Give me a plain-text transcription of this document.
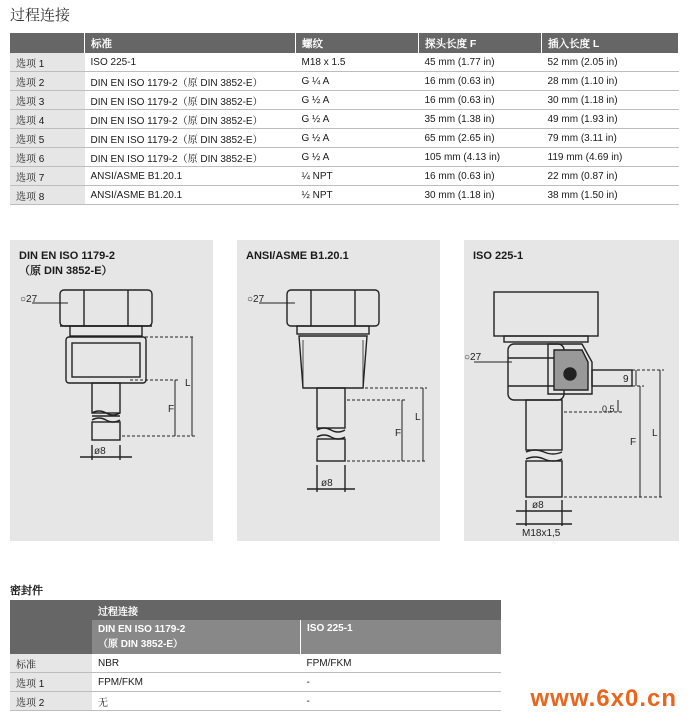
过程连接
	标准	螺纹	探头长度 F	插入长度 L
选项 1	ISO 225-1	M18 x 1.5	45 mm (1.77 in)	52 mm (2.05 in)
选项 2	DIN EN ISO 1179-2（原 DIN 3852-E）	G ¼ A	16 mm (0.63 in)	28 mm (1.10 in)
选项 3	DIN EN ISO 1179-2（原 DIN 3852-E）	G ½ A	16 mm (0.63 in)	30 mm (1.18 in)
选项 4	DIN EN ISO 1179-2（原 DIN 3852-E）	G ½ A	35 mm (1.38 in)	49 mm (1.93 in)
选项 5	DIN EN ISO 1179-2（原 DIN 3852-E）	G ½ A	65 mm (2.65 in)	79 mm (3.11 in)
选项 6	DIN EN ISO 1179-2（原 DIN 3852-E）	G ½ A	105 mm (4.13 in)	119 mm (4.69 in)
选项 7	ANSI/ASME B1.20.1	¼ NPT	16 mm (0.63 in)	22 mm (0.87 in)
选项 8	ANSI/ASME B1.20.1	½ NPT	30 mm (1.18 in)	38 mm (1.50 in)
○27
ø8
F
L
DIN EN ISO 1179-2
（原 DIN 3852-E）
○27
ø8
F
L
ANSI/ASME B1.20.1
○27
ø8
M18x1,5
9
0,5
F
L
ISO 225-1
密封件
	过程连接	

	DIN EN ISO 1179-2
（原 DIN 3852-E）	ISO 225-1
标准	NBR	FPM/FKM
选项 1	FPM/FKM	-
选项 2	无	-	www.6x0.cn
